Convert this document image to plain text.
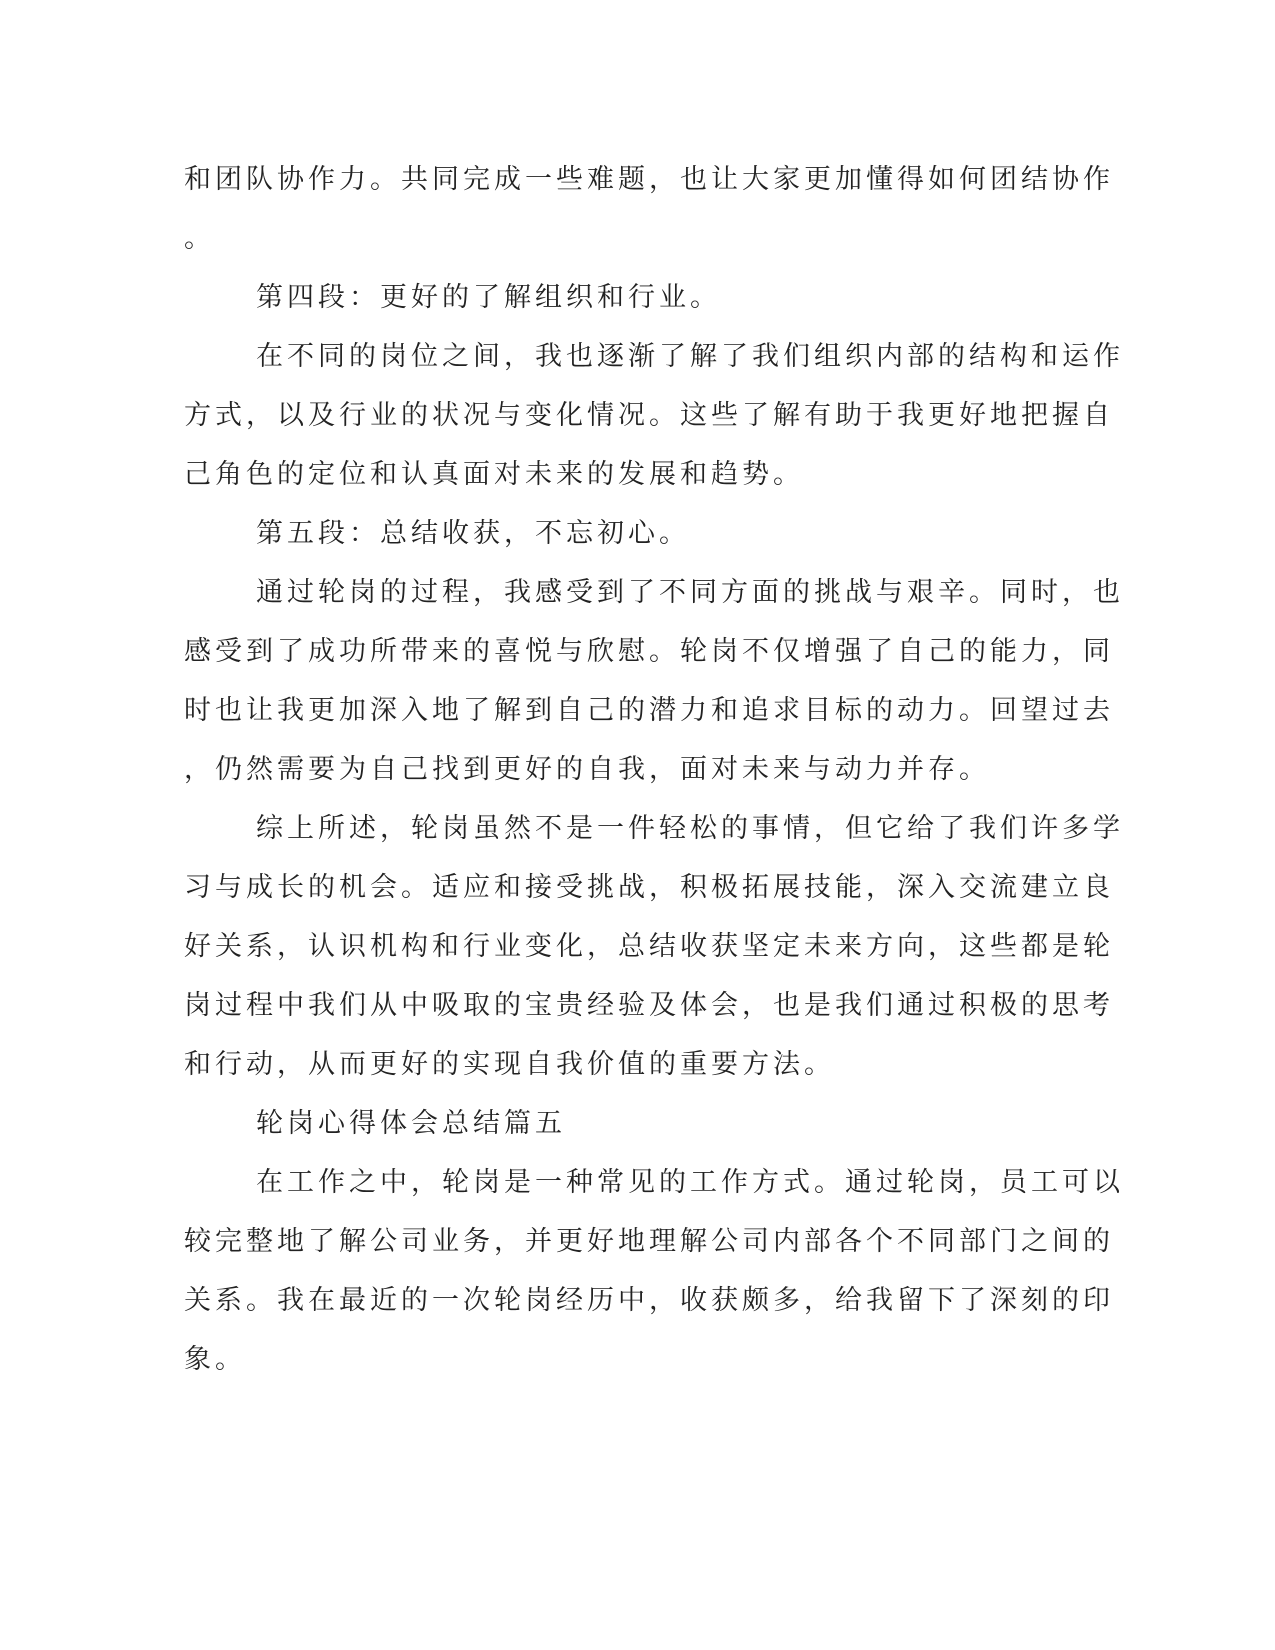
和团队协作力。共同完成一些难题，也让大家更加懂得如何团结协作
。
第四段：更好的了解组织和行业。
在不同的岗位之间，我也逐渐了解了我们组织内部的结构和运作
方式，以及行业的状况与变化情况。这些了解有助于我更好地把握自
己角色的定位和认真面对未来的发展和趋势。
第五段：总结收获，不忘初心。
通过轮岗的过程，我感受到了不同方面的挑战与艰辛。同时，也
感受到了成功所带来的喜悦与欣慰。轮岗不仅增强了自己的能力，同
时也让我更加深入地了解到自己的潜力和追求目标的动力。回望过去
，仍然需要为自己找到更好的自我，面对未来与动力并存。
综上所述，轮岗虽然不是一件轻松的事情，但它给了我们许多学
习与成长的机会。适应和接受挑战，积极拓展技能，深入交流建立良
好关系，认识机构和行业变化，总结收获坚定未来方向，这些都是轮
岗过程中我们从中吸取的宝贵经验及体会，也是我们通过积极的思考
和行动，从而更好的实现自我价值的重要方法。
轮岗心得体会总结篇五
在工作之中，轮岗是一种常见的工作方式。通过轮岗，员工可以
较完整地了解公司业务，并更好地理解公司内部各个不同部门之间的
关系。我在最近的一次轮岗经历中，收获颇多，给我留下了深刻的印
象。
